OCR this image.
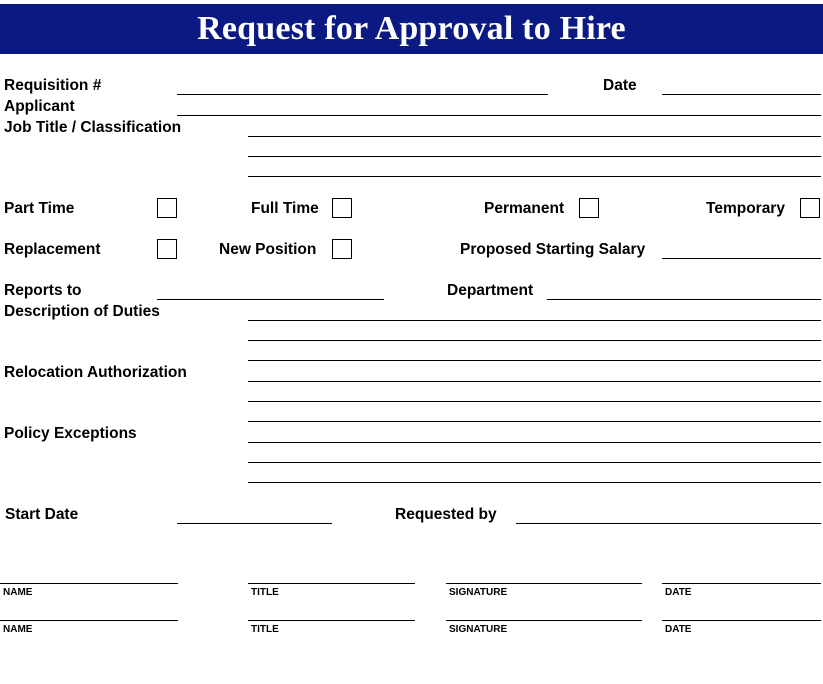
Request for Approval to Hire
Requisition #	Date
Applicant
Job Title / Classification
Part Time	Full Time	Permanent	Temporary
Replacement	New Position	Proposed Starting Salary
Reports to	Department
Description of Duties
Relocation Authorization
Policy Exceptions
Start Date	Requested by
NAME	TITLE	SIGNATURE	DATE
NAME	TITLE	SIGNATURE	DATE
